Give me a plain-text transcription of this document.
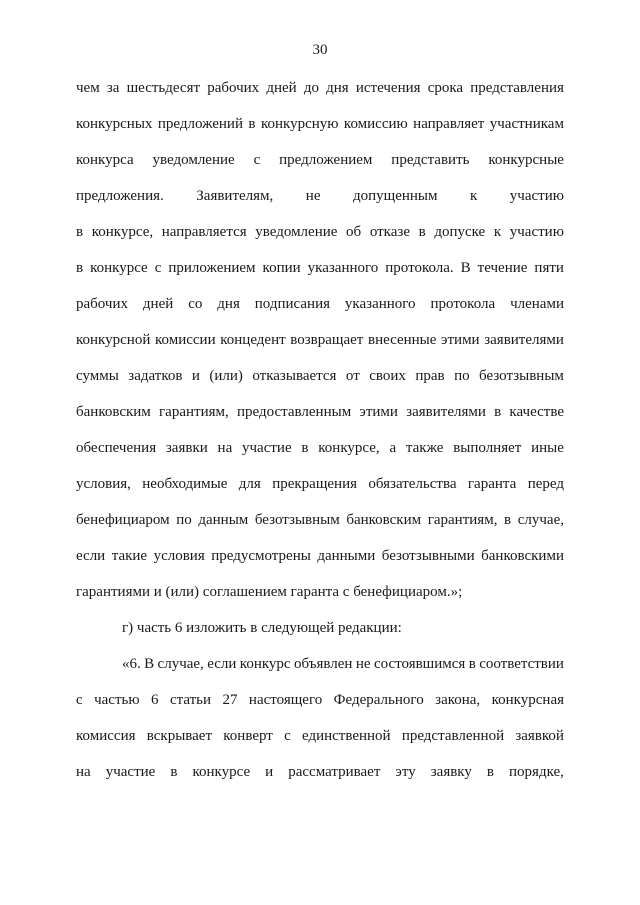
30
чем за шестьдесят рабочих дней до дня истечения срока представления
конкурсных предложений в конкурсную комиссию направляет участникам
конкурса уведомление с предложением представить конкурсные
предложения. Заявителям, не допущенным к участию
в конкурсе, направляется уведомление об отказе в допуске к участию
в конкурсе с приложением копии указанного протокола. В течение пяти
рабочих дней со дня подписания указанного протокола членами
конкурсной комиссии концедент возвращает внесенные этими заявителями
суммы задатков и (или) отказывается от своих прав по безотзывным
банковским гарантиям, предоставленным этими заявителями в качестве
обеспечения заявки на участие в конкурсе, а также выполняет иные
условия, необходимые для прекращения обязательства гаранта перед
бенефициаром по данным безотзывным банковским гарантиям, в случае,
если такие условия предусмотрены данными безотзывными банковскими
гарантиями и (или) соглашением гаранта с бенефициаром.»;
г) часть 6 изложить в следующей редакции:
«6. В случае, если конкурс объявлен не состоявшимся в соответствии
с частью 6 статьи 27 настоящего Федерального закона, конкурсная
комиссия вскрывает конверт с единственной представленной заявкой
на участие в конкурсе и рассматривает эту заявку в порядке,
